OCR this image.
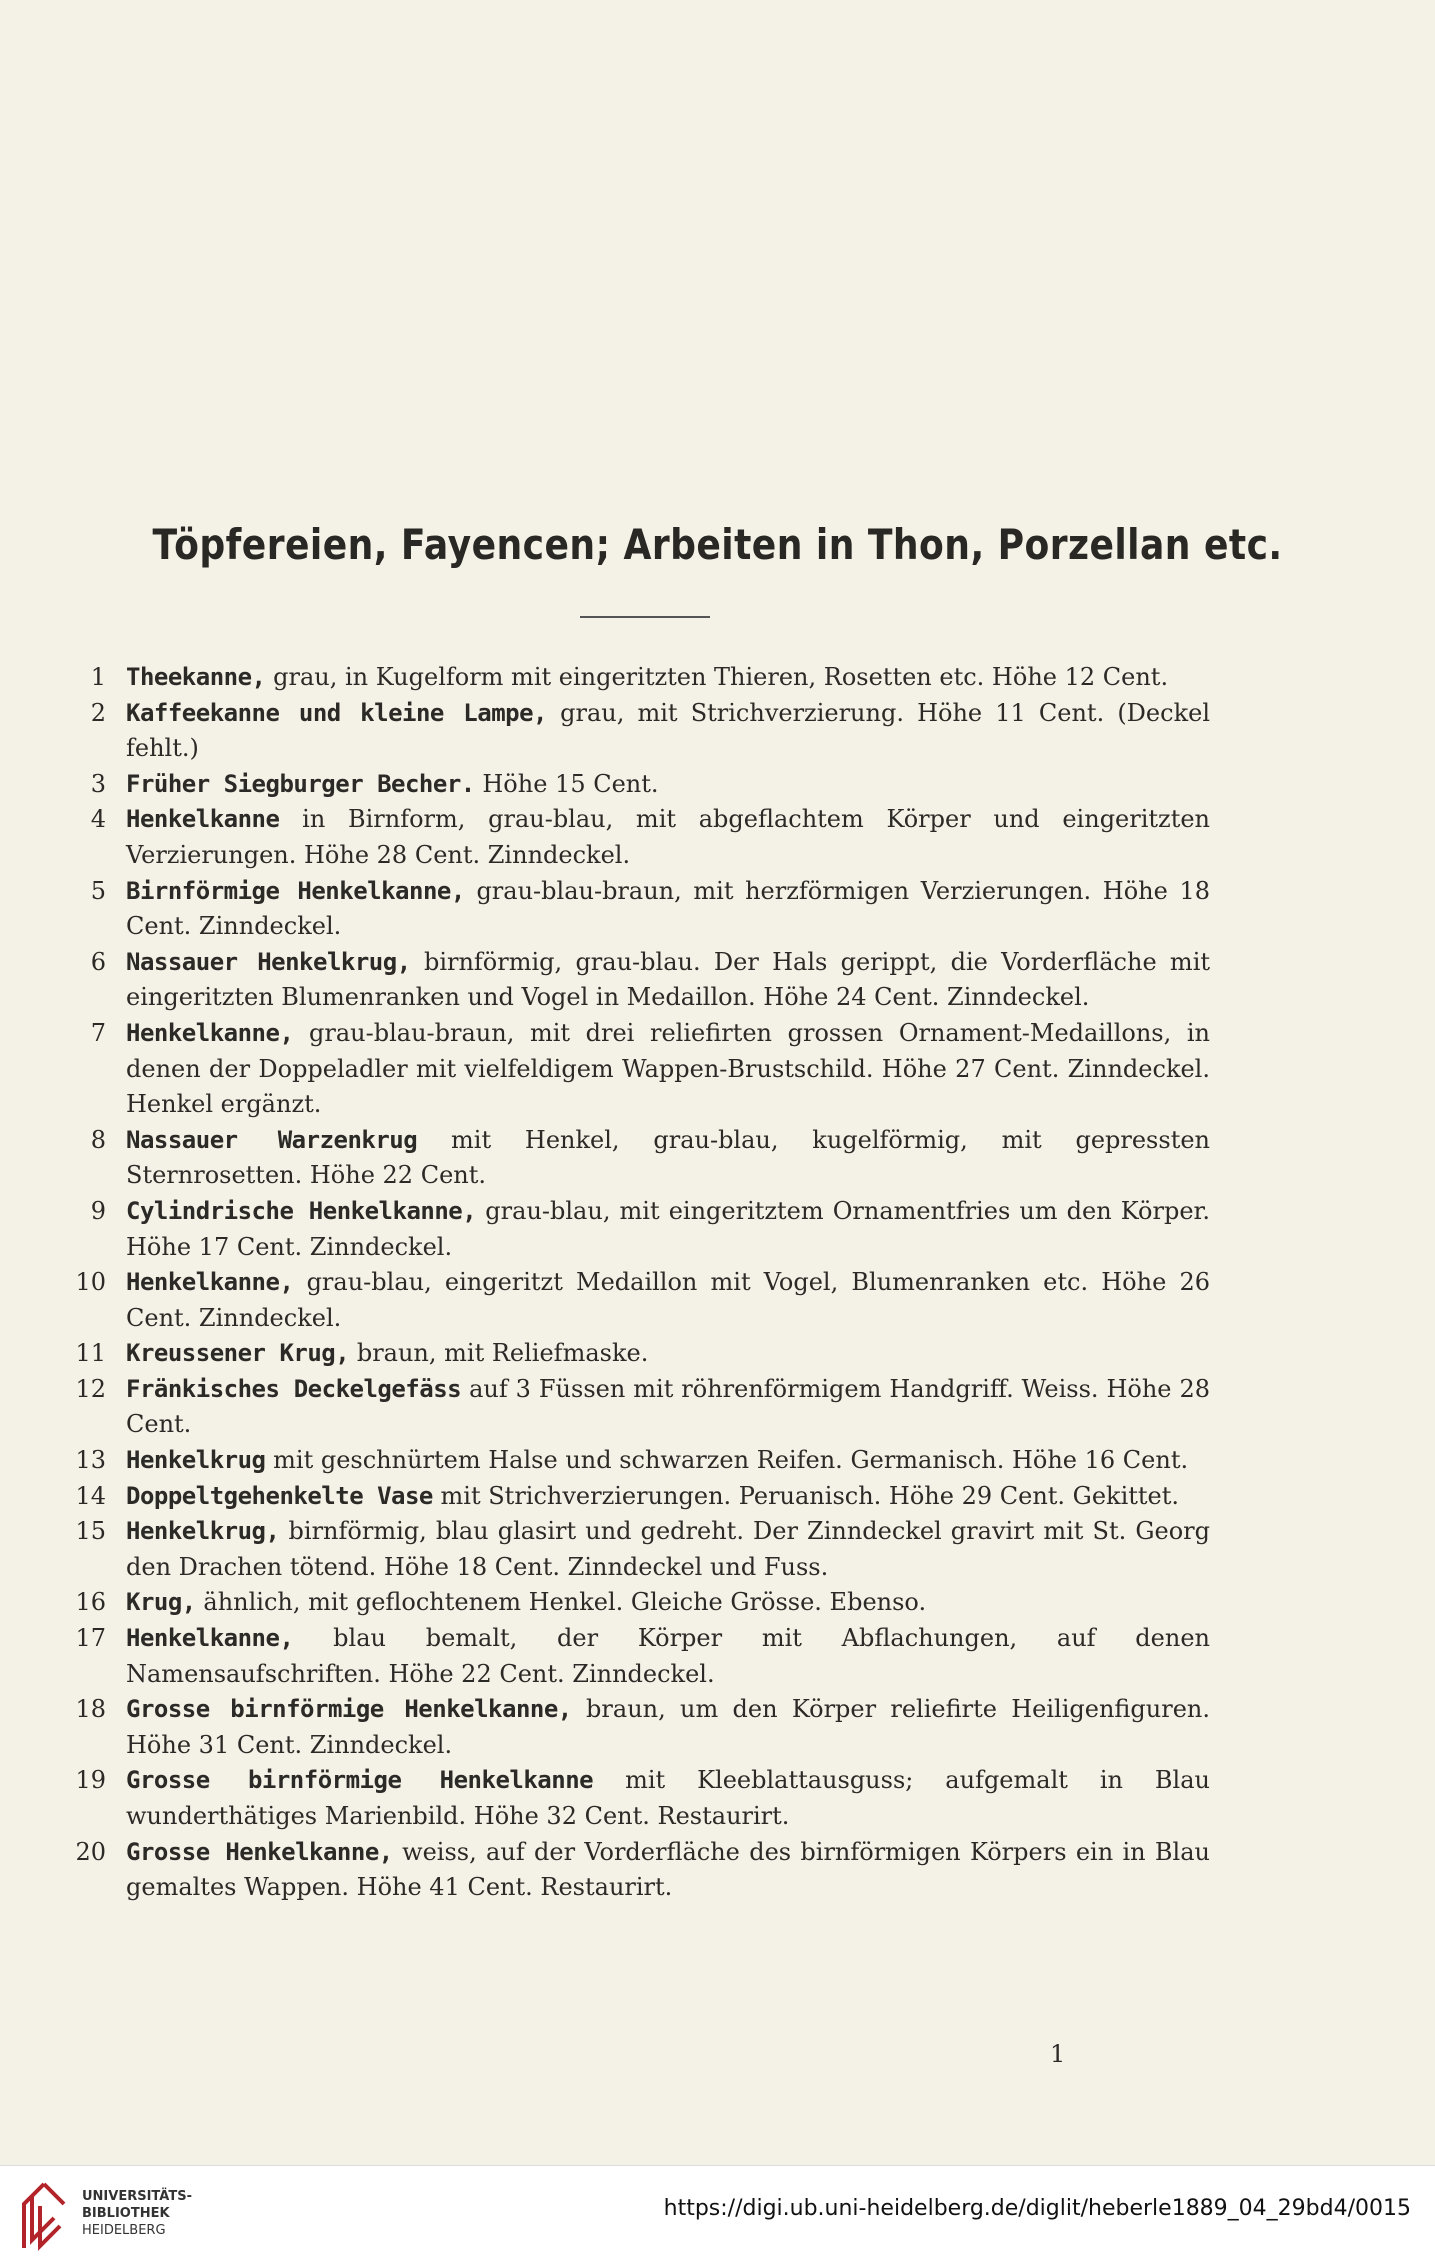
Töpfereien, Fayencen; Arbeiten in Thon, Porzellan etc.
1 Theekanne, grau, in Kugelform mit eingeritzten Thieren, Rosetten etc. Höhe 12 Cent.
2 Kaffeekanne und kleine Lampe, grau, mit Strichverzierung. Höhe 11 Cent. (Deckel fehlt.)
3 Früher Siegburger Becher. Höhe 15 Cent.
4 Henkelkanne in Birnform, grau-blau, mit abgeflachtem Körper und eingeritzten Verzierungen. Höhe 28 Cent. Zinndeckel.
5 Birnförmige Henkelkanne, grau-blau-braun, mit herzförmigen Verzierungen. Höhe 18 Cent. Zinndeckel.
6 Nassauer Henkelkrug, birnförmig, grau-blau. Der Hals gerippt, die Vorderfläche mit eingeritzten Blumenranken und Vogel in Medaillon. Höhe 24 Cent. Zinndeckel.
7 Henkelkanne, grau-blau-braun, mit drei reliefirten grossen Ornament-Medaillons, in denen der Doppeladler mit vielfeldigem Wappen-Brustschild. Höhe 27 Cent. Zinndeckel. Henkel ergänzt.
8 Nassauer Warzenkrug mit Henkel, grau-blau, kugelförmig, mit gepressten Sternrosetten. Höhe 22 Cent.
9 Cylindrische Henkelkanne, grau-blau, mit eingeritztem Ornamentfries um den Körper. Höhe 17 Cent. Zinndeckel.
10 Henkelkanne, grau-blau, eingeritzt Medaillon mit Vogel, Blumenranken etc. Höhe 26 Cent. Zinndeckel.
11 Kreussener Krug, braun, mit Reliefmaske.
12 Fränkisches Deckelgefäss auf 3 Füssen mit röhrenförmigem Handgriff. Weiss. Höhe 28 Cent.
13 Henkelkrug mit geschnürtem Halse und schwarzen Reifen. Germanisch. Höhe 16 Cent.
14 Doppeltgehenkelte Vase mit Strichverzierungen. Peruanisch. Höhe 29 Cent. Gekittet.
15 Henkelkrug, birnförmig, blau glasirt und gedreht. Der Zinndeckel gravirt mit St. Georg den Drachen tötend. Höhe 18 Cent. Zinndeckel und Fuss.
16 Krug, ähnlich, mit geflochtenem Henkel. Gleiche Grösse. Ebenso.
17 Henkelkanne, blau bemalt, der Körper mit Abflachungen, auf denen Namensaufschriften. Höhe 22 Cent. Zinndeckel.
18 Grosse birnförmige Henkelkanne, braun, um den Körper reliefirte Heiligenfiguren. Höhe 31 Cent. Zinndeckel.
19 Grosse birnförmige Henkelkanne mit Kleeblattausguss; aufgemalt in Blau wunderthätiges Marienbild. Höhe 32 Cent. Restaurirt.
20 Grosse Henkelkanne, weiss, auf der Vorderfläche des birnförmigen Körpers ein in Blau gemaltes Wappen. Höhe 41 Cent. Restaurirt.
1
UNIVERSITÄTS-
BIBLIOTHEK
HEIDELBERG
https://digi.ub.uni-heidelberg.de/diglit/heberle1889_04_29bd4/0015
